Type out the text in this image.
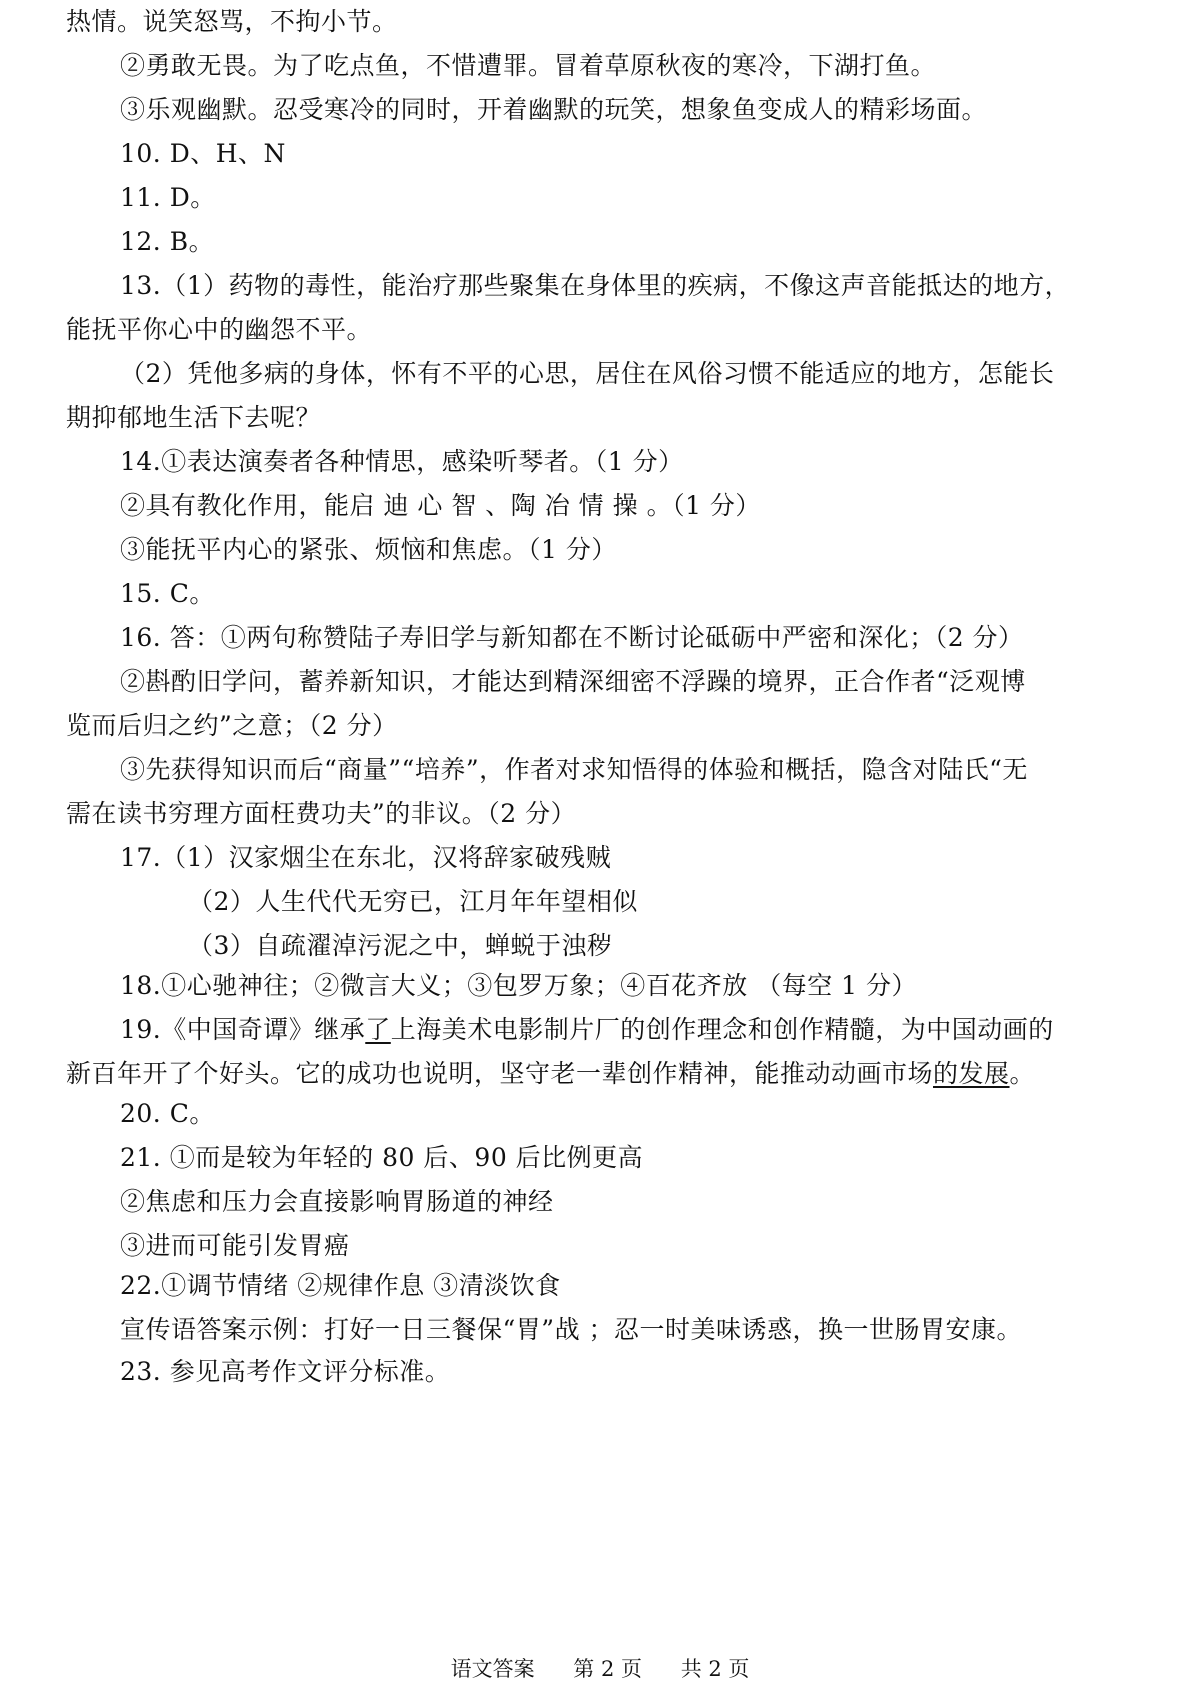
热情。说笑怒骂，不拘小节。
②勇敢无畏。为了吃点鱼，不惜遭罪。冒着草原秋夜的寒冷，下湖打鱼。
③乐观幽默。忍受寒冷的同时，开着幽默的玩笑，想象鱼变成人的精彩场面。
10. D、H、N
11. D。
12. B。
13.（1）药物的毒性，能治疗那些聚集在身体里的疾病，不像这声音能抵达的地方，
能抚平你心中的幽怨不平。
（2）凭他多病的身体，怀有不平的心思，居住在风俗习惯不能适应的地方，怎能长
期抑郁地生活下去呢？
14.①表达演奏者各种情思，感染听琴者。（1 分）
②具有教化作用，能启 迪 心 智 、陶 冶 情 操 。（1 分）
③能抚平内心的紧张、烦恼和焦虑。（1 分）
15. C。
16. 答：①两句称赞陆子寿旧学与新知都在不断讨论砥砺中严密和深化；（2 分）
②斟酌旧学问，蓄养新知识，才能达到精深细密不浮躁的境界，正合作者“泛观博
览而后归之约”之意；（2 分）
③先获得知识而后“商量”“培养”，作者对求知悟得的体验和概括，隐含对陆氏“无
需在读书穷理方面枉费功夫”的非议。（2 分）
17.（1）汉家烟尘在东北，汉将辞家破残贼
（2）人生代代无穷已，江月年年望相似
（3）自疏濯淖污泥之中，蝉蜕于浊秽
18.①心驰神往；②微言大义；③包罗万象；④百花齐放 （每空 1 分）
19.《中国奇谭》继承了上海美术电影制片厂的创作理念和创作精髓，为中国动画的
新百年开了个好头。它的成功也说明，坚守老一辈创作精神，能推动动画市场的发展。
20. C。
21. ①而是较为年轻的 80 后、90 后比例更高
②焦虑和压力会直接影响胃肠道的神经
③进而可能引发胃癌
22.①调节情绪 ②规律作息 ③清淡饮食
宣传语答案示例：打好一日三餐保“胃”战 ；忍一时美味诱惑，换一世肠胃安康。
23. 参见高考作文评分标准。
语文答案 第 2 页 共 2 页
